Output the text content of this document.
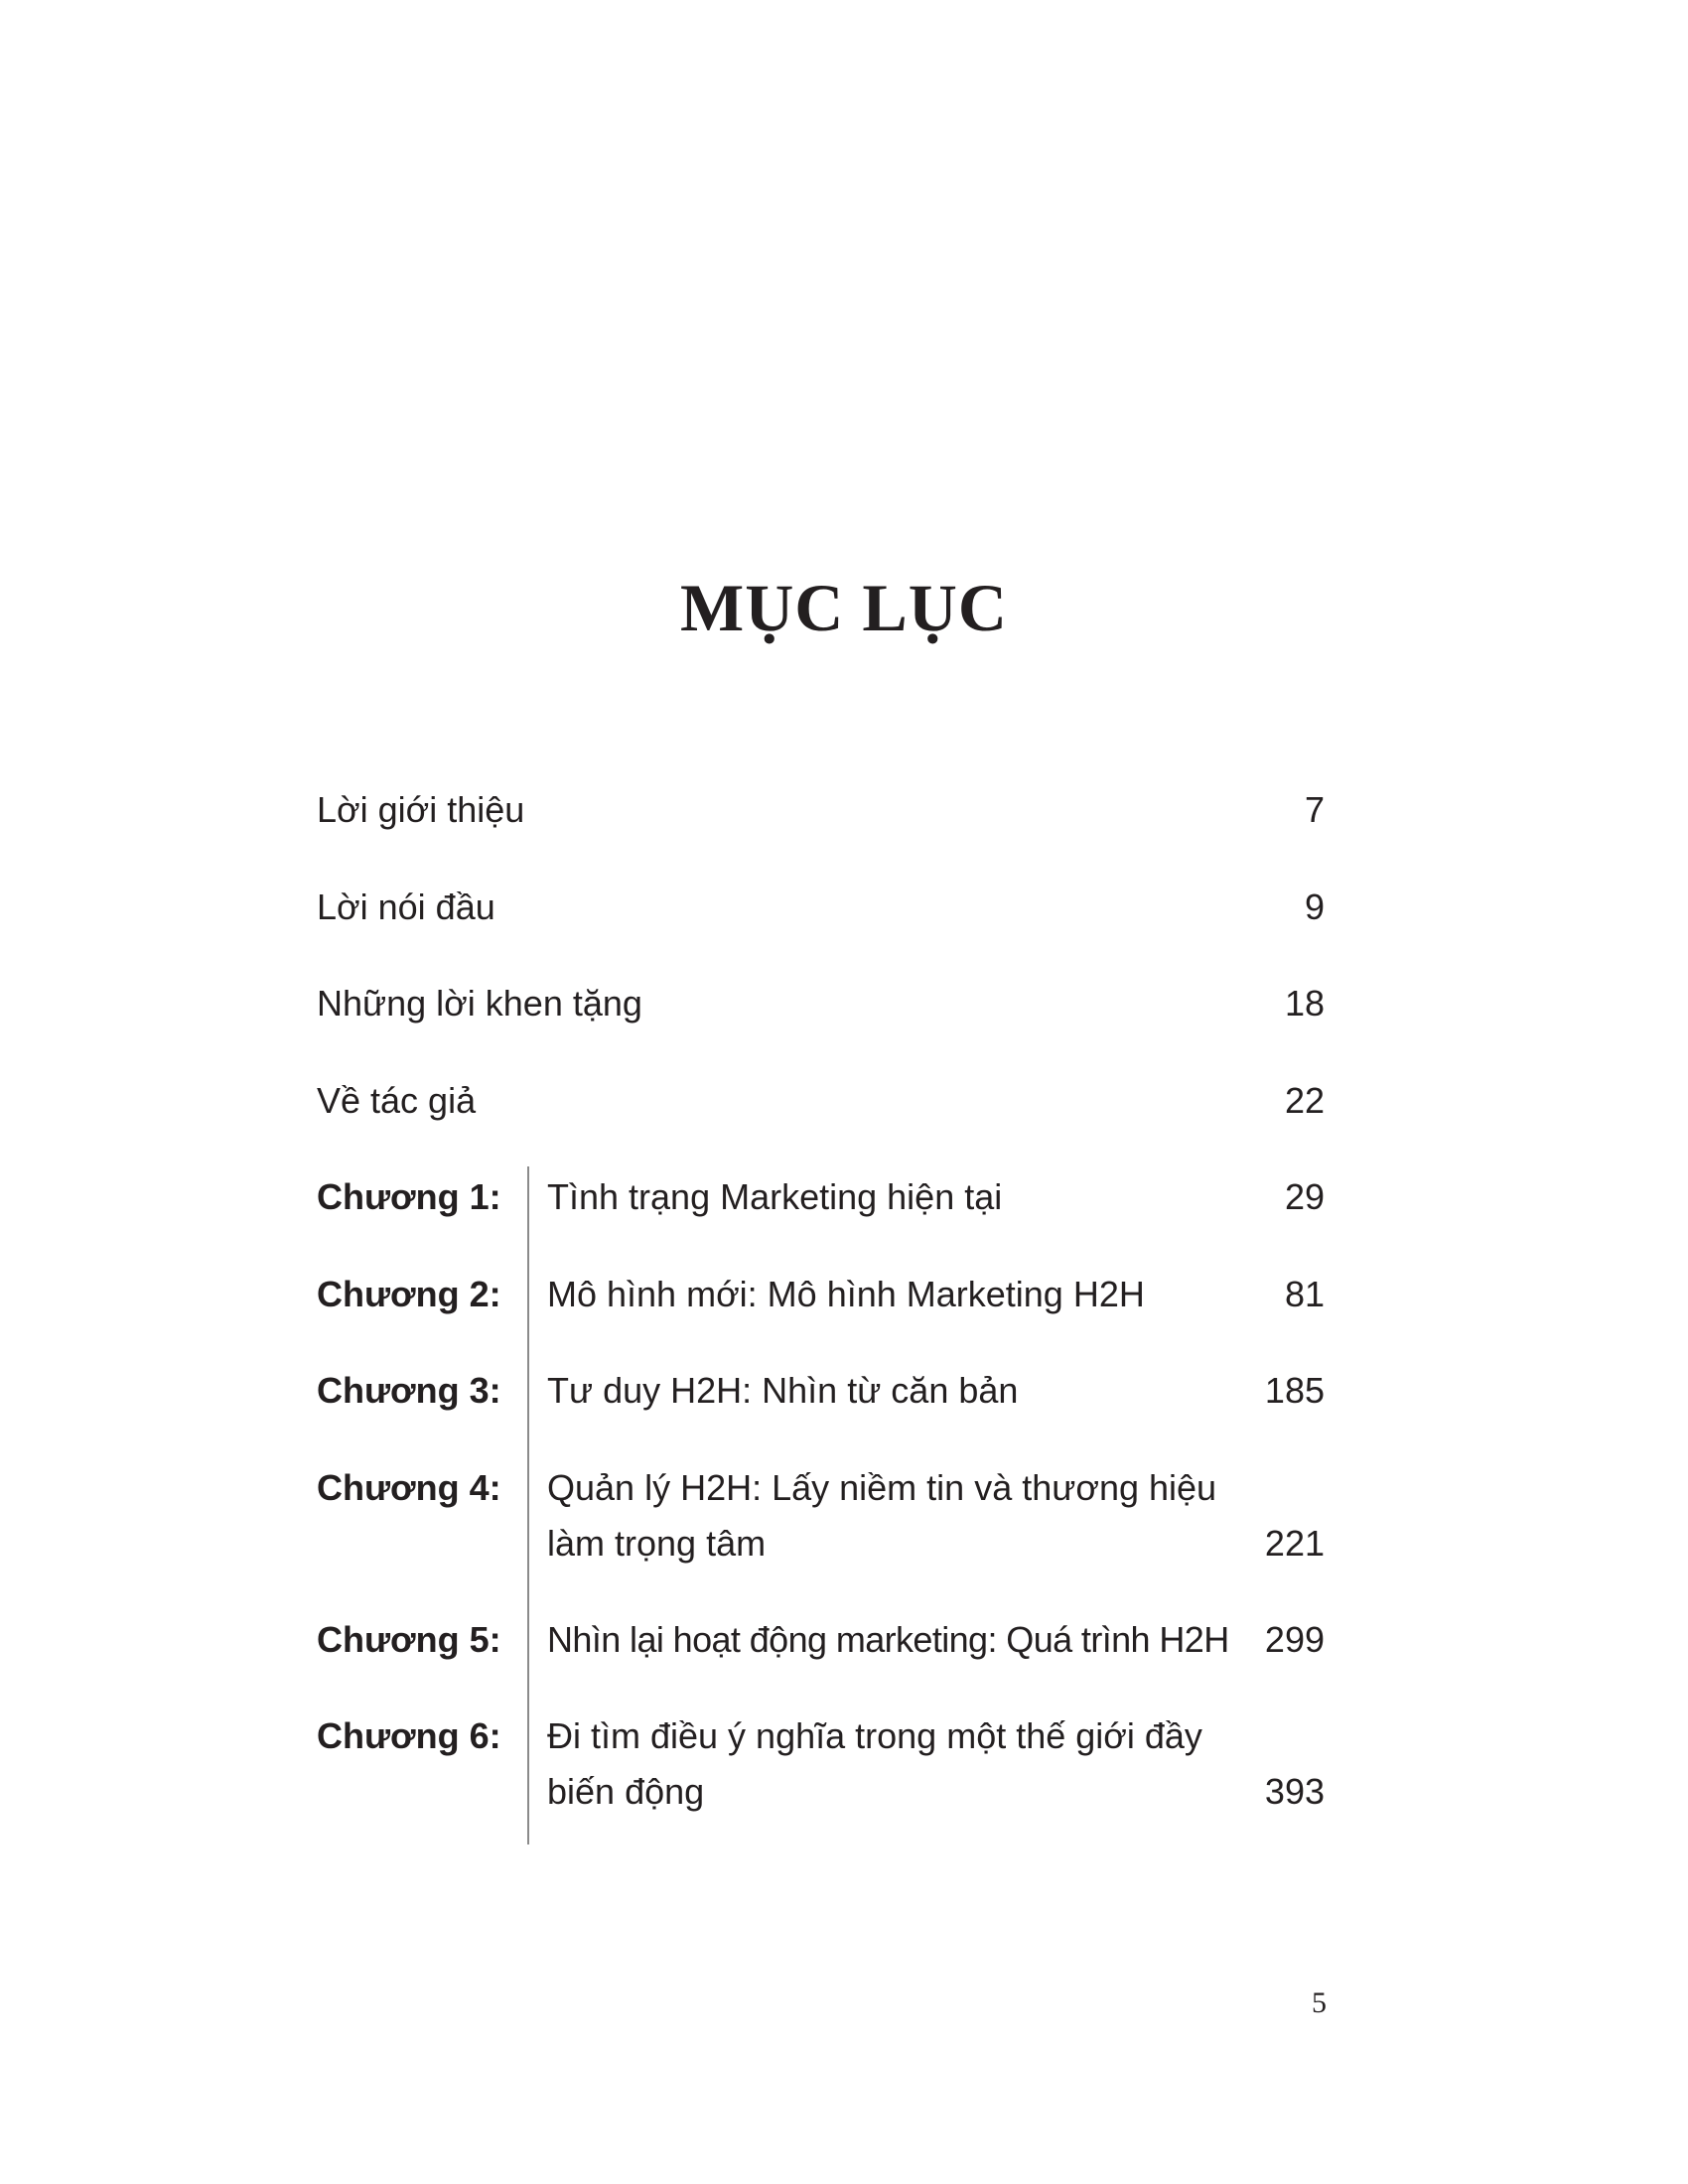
MỤC LỤC
Lời giới thiệu	7
Lời nói đầu	9
Những lời khen tặng	18
Về tác giả	22
Chương 1: Tình trạng Marketing hiện tại	29
Chương 2: Mô hình mới: Mô hình Marketing H2H	81
Chương 3: Tư duy H2H: Nhìn từ căn bản	185
Chương 4: Quản lý H2H: Lấy niềm tin và thương hiệu làm trọng tâm	221
Chương 5: Nhìn lại hoạt động marketing: Quá trình H2H	299
Chương 6: Đi tìm điều ý nghĩa trong một thế giới đầy biến động	393
5
